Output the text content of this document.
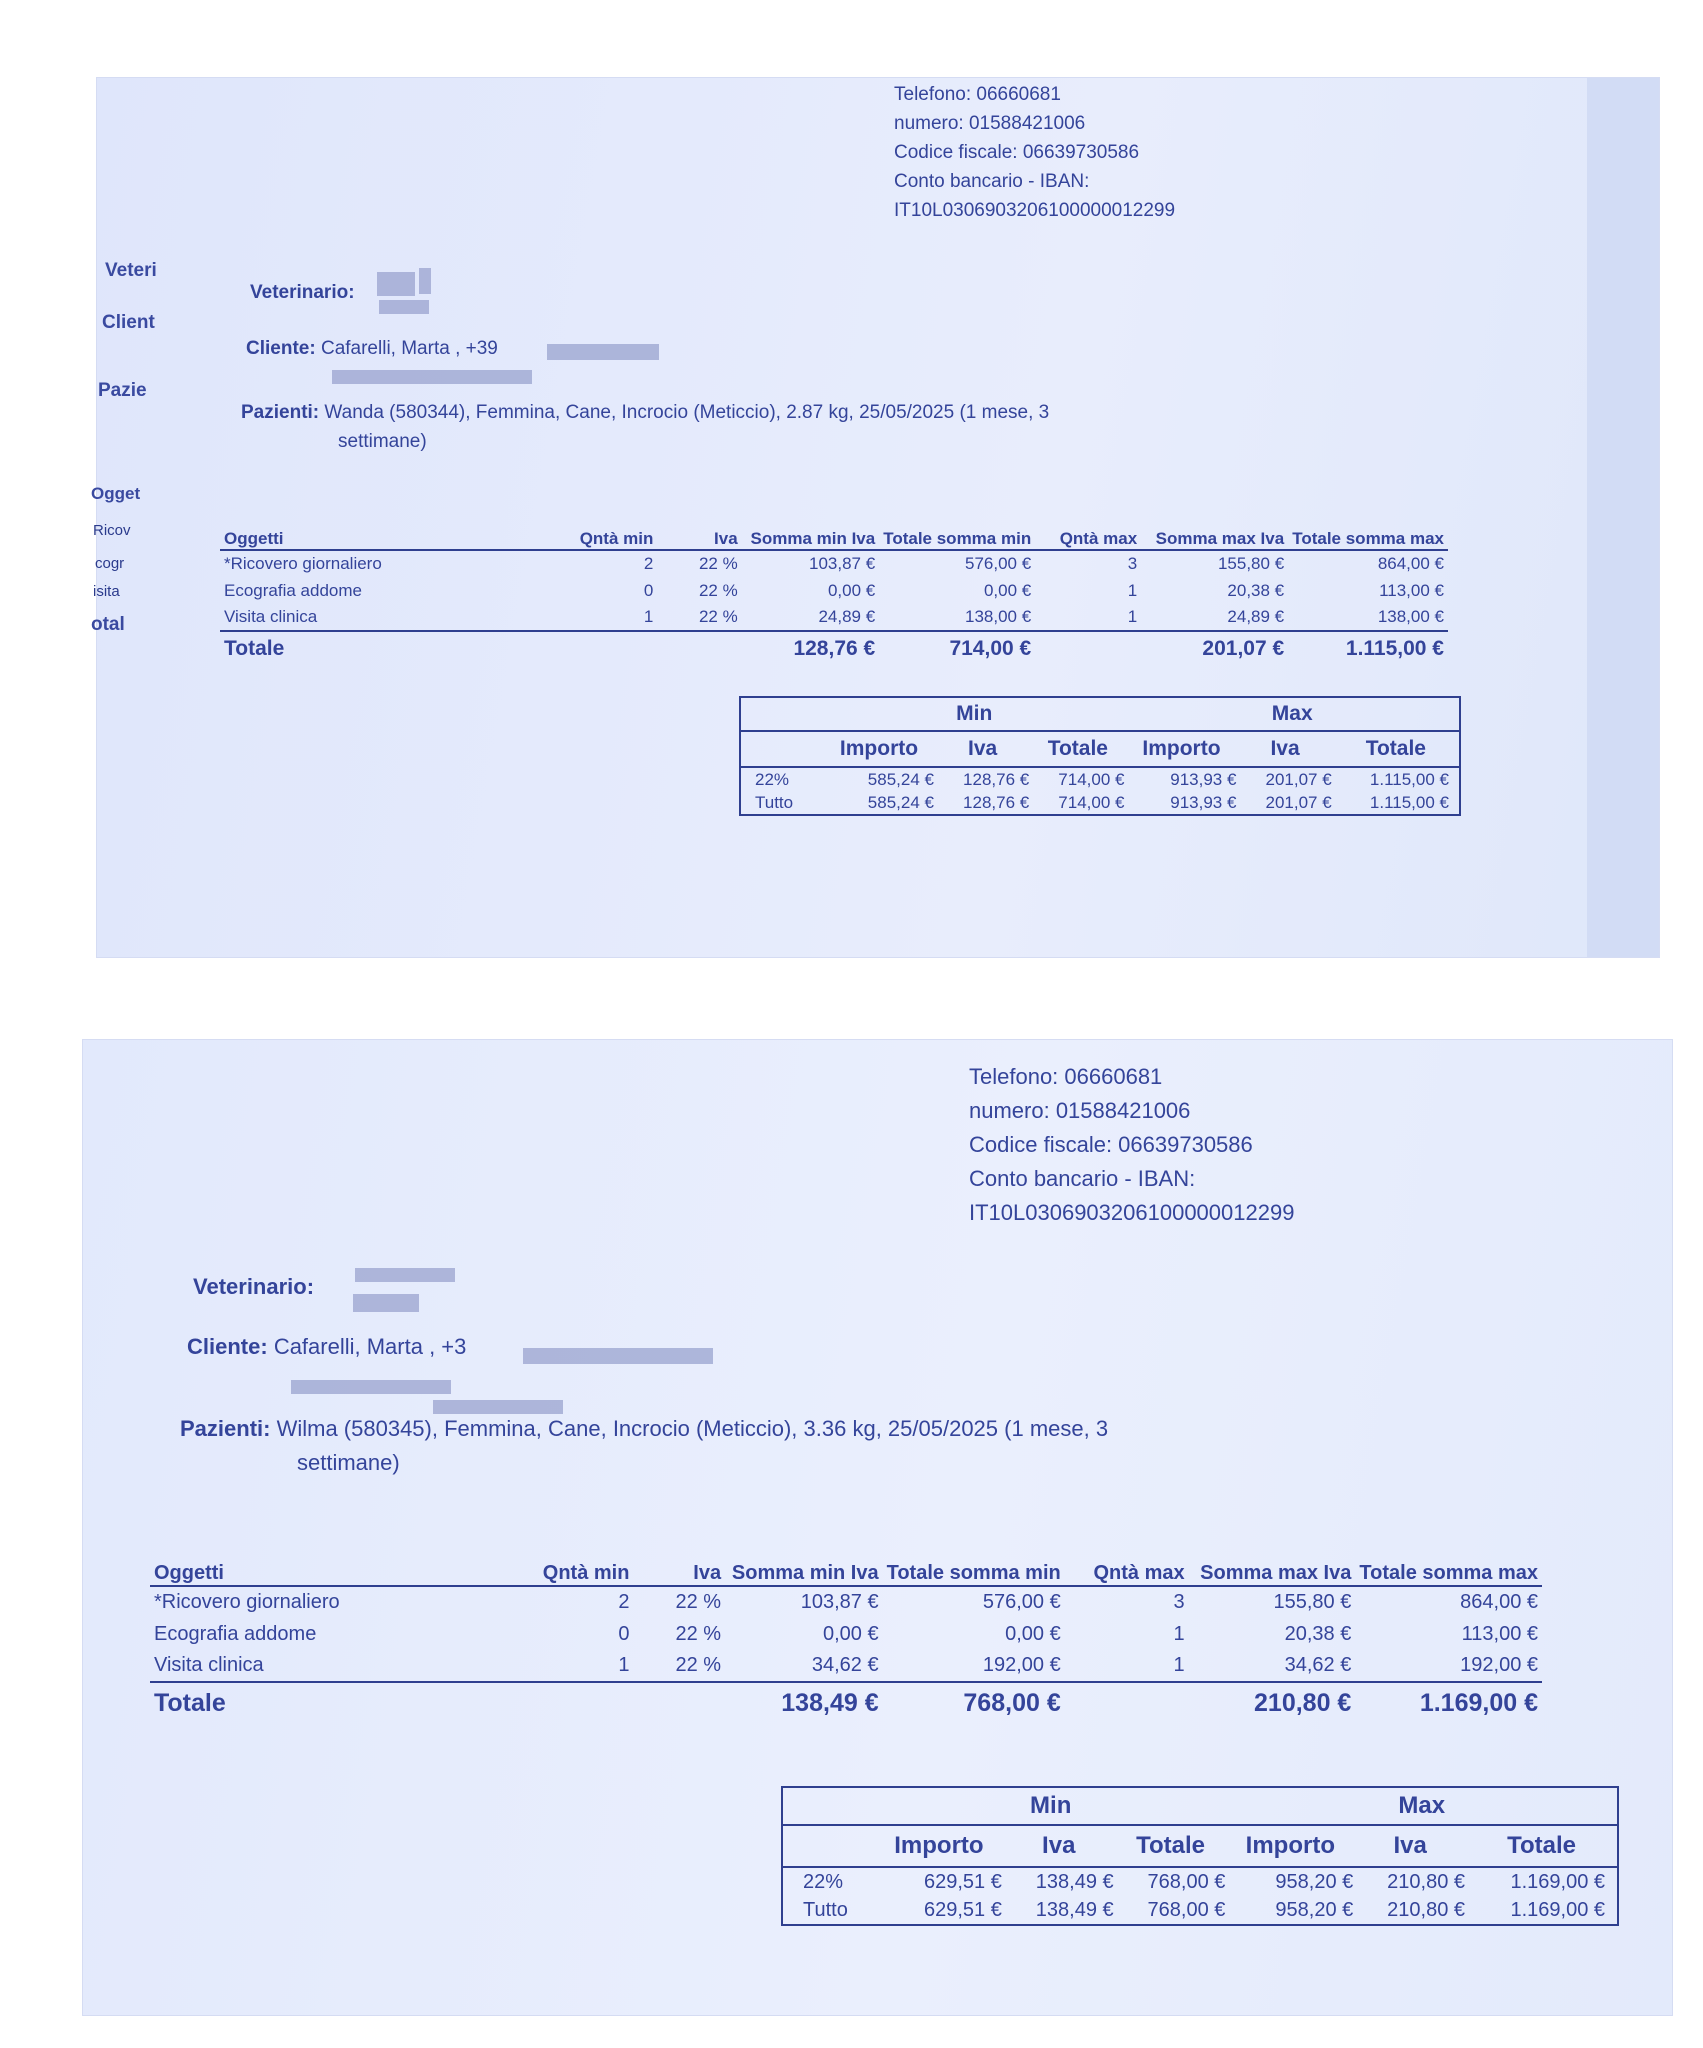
Telefono: 06660681
numero: 01588421006
Codice fiscale: 06639730586
Conto bancario - IBAN:
IT10L0306903206100000012299
Veteri
Client
Pazie
Ogget
Ricov
cogr
isita
otal
Veterinario:
Cliente: Cafarelli, Marta , +39
Pazienti: Wanda (580344), Femmina, Cane, Incrocio (Meticcio), 2.87 kg, 25/05/2025 (1 mese, 3
settimane)
Oggetti	Qntà min	Iva	Somma min Iva	Totale somma min	Qntà max	Somma max Iva	Totale somma max
*Ricovero giornaliero	2	22 %	103,87 €	576,00 €	3	155,80 €	864,00 €
Ecografia addome	0	22 %	0,00 €	0,00 €	1	20,38 €	113,00 €
Visita clinica	1	22 %	24,89 €	138,00 €	1	24,89 €	138,00 €
Totale			128,76 €	714,00 €		201,07 €	1.115,00 €
	Min			Max		
	Importo	Iva	Totale	Importo	Iva	Totale
22%	585,24 €	128,76 €	714,00 €	913,93 €	201,07 €	1.115,00 €
Tutto	585,24 €	128,76 €	714,00 €	913,93 €	201,07 €	1.115,00 €
Telefono: 06660681
numero: 01588421006
Codice fiscale: 06639730586
Conto bancario - IBAN:
IT10L0306903206100000012299
Veterinario:
Cliente: Cafarelli, Marta , +3
Pazienti: Wilma (580345), Femmina, Cane, Incrocio (Meticcio), 3.36 kg, 25/05/2025 (1 mese, 3
settimane)
Oggetti	Qntà min	Iva	Somma min Iva	Totale somma min	Qntà max	Somma max Iva	Totale somma max
*Ricovero giornaliero	2	22 %	103,87 €	576,00 €	3	155,80 €	864,00 €
Ecografia addome	0	22 %	0,00 €	0,00 €	1	20,38 €	113,00 €
Visita clinica	1	22 %	34,62 €	192,00 €	1	34,62 €	192,00 €
Totale			138,49 €	768,00 €		210,80 €	1.169,00 €
	Min			Max		
	Importo	Iva	Totale	Importo	Iva	Totale
22%	629,51 €	138,49 €	768,00 €	958,20 €	210,80 €	1.169,00 €
Tutto	629,51 €	138,49 €	768,00 €	958,20 €	210,80 €	1.169,00 €
